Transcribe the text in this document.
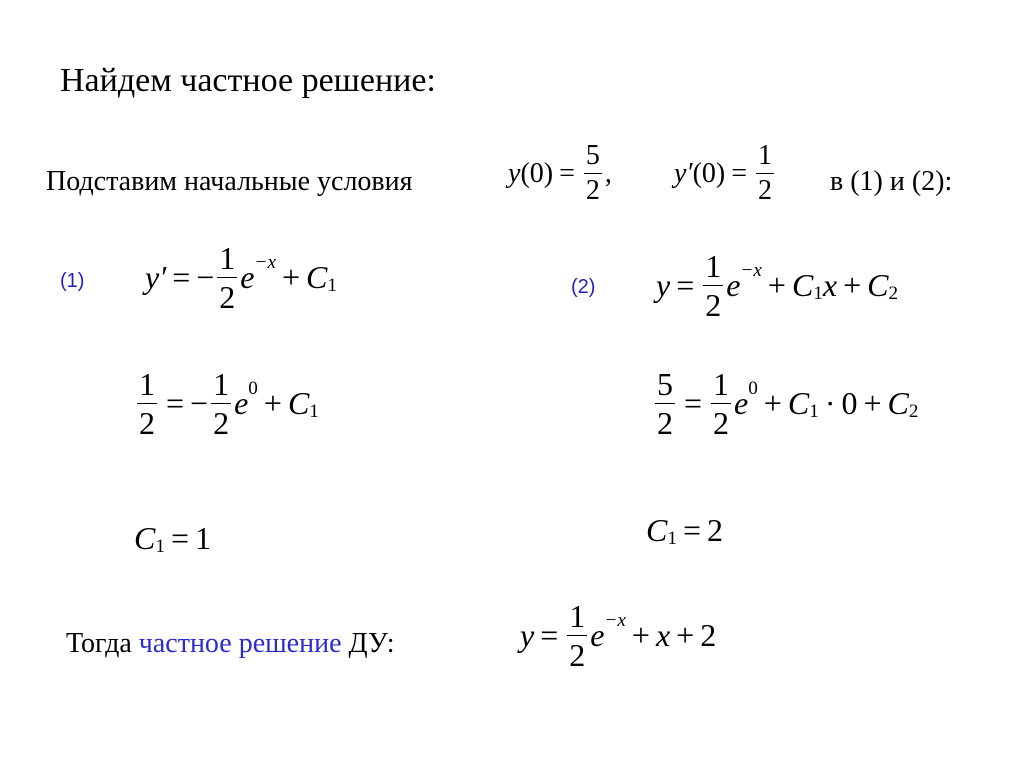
Найдем частное решение:
Подставим начальные условия	y $(0) = \frac{5}{2}$ , y′ $(0) = \frac{1}{2}$ в (1) и (2):
(1) y′ = − $\frac{1}{2}$ e −x + C 1
$\frac{1}{2}$ = − $\frac{1}{2}$ e 0 + C 1
C 1 = 1
(2) $y = \frac{1}{2}$ e −x + C 1 x + C 2
$\frac{5}{2} = \frac{1}{2}$ e 0 + C 1 · 0 + C 2
C 1 = 2
Тогда частное решение ДУ:	$y = \frac{1}{2}$ e −x + x + 2
